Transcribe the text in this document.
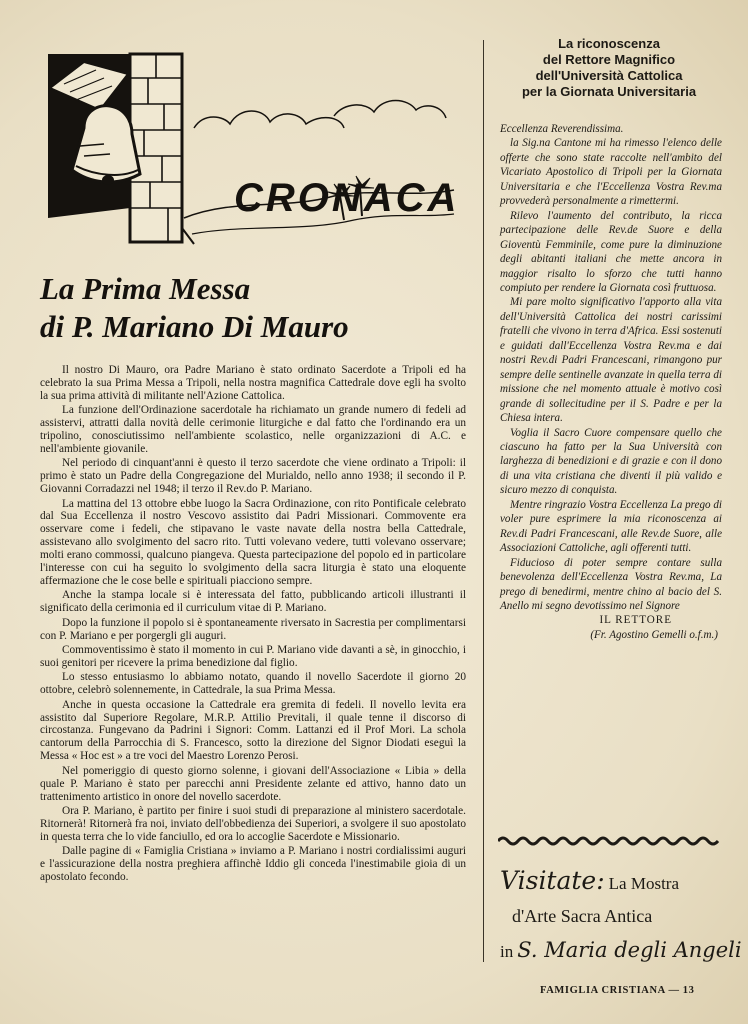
CRONACA
La Prima Messa
di P. Mariano Di Mauro

Il nostro Di Mauro, ora Padre Mariano è stato ordinato Sacerdote a Tripoli ed ha celebrato la sua Prima Messa a Tripoli, nella nostra magnifica Cattedrale dove egli ha svolto la sua prima attività di militante nell'Azione Cattolica.

La funzione dell'Ordinazione sacerdotale ha richiamato un grande numero di fedeli ad assistervi, attratti dalla novità delle cerimonie liturgiche e dal fatto che l'ordinando era un tripolino, conosciutissimo nell'ambiente scolastico, nelle organizzazioni di A.C. e nell'ambiente giovanile.

Nel periodo di cinquant'anni è questo il terzo sacerdote che viene ordinato a Tripoli: il primo è stato un Padre della Congregazione del Murialdo, nello anno 1938; il secondo il P. Giovanni Corradazzi nel 1948; il terzo il Rev.do P. Mariano.

La mattina del 13 ottobre ebbe luogo la Sacra Ordinazione, con rito Pontificale celebrato dal Sua Eccellenza il nostro Vescovo assistito dai Padri Missionari. Commovente era osservare come i fedeli, che stipavano le vaste navate della nostra bella Cattedrale, assistevano allo svolgimento del sacro rito. Tutti volevano vedere, tutti volevano osservare; molti erano commossi, qualcuno piangeva. Questa partecipazione del popolo ed in particolare l'interesse con cui ha seguito lo svolgimento della sacra liturgia è stato una eloquente affermazione che le cose belle e spirituali piacciono sempre.

Anche la stampa locale si è interessata del fatto, pubblicando articoli illustranti il significato della cerimonia ed il curriculum vitae di P. Mariano.

Dopo la funzione il popolo si è spontaneamente riversato in Sacrestia per complimentarsi con P. Mariano e per porgergli gli auguri.

Commoventissimo è stato il momento in cui P. Mariano vide davanti a sè, in ginocchio, i suoi genitori per ricevere la prima benedizione dal figlio.

Lo stesso entusiasmo lo abbiamo notato, quando il novello Sacerdote il giorno 20 ottobre, celebrò solennemente, in Cattedrale, la sua Prima Messa.

Anche in questa occasione la Cattedrale era gremita di fedeli. Il novello levita era assistito dal Superiore Regolare, M.R.P. Attilio Previtali, il quale tenne il discorso di circostanza. Fungevano da Padrini i Signori: Comm. Lattanzi ed il Prof Mori. La schola cantorum della Parrocchia di S. Francesco, sotto la direzione del Signor Diodati eseguì la Messa « Hoc est » a tre voci del Maestro Lorenzo Perosi.

Nel pomeriggio di questo giorno solenne, i giovani dell'Associazione « Libia » della quale P. Mariano è stato per parecchi anni Presidente zelante ed attivo, hanno dato un trattenimento artistico in onore del novello sacerdote.

Ora P. Mariano, è partito per finire i suoi studi di preparazione al ministero sacerdotale. Ritornerà! Ritornerà fra noi, inviato dell'obbedienza dei Superiori, a svolgere il suo apostolato in questa terra che lo vide fanciullo, ed ora lo accoglie Sacerdote e Missionario.

Dalle pagine di « Famiglia Cristiana » inviamo a P. Mariano i nostri cordialissimi auguri e l'assicurazione della nostra preghiera affinchè Iddio gli conceda l'inestimabile gioia di un apostolato fecondo.

La riconoscenza
del Rettore Magnifico
dell'Università Cattolica
per la Giornata Universitaria

Eccellenza Reverendissima.

la Sig.na Cantone mi ha rimesso l'elenco delle offerte che sono state raccolte nell'ambito del Vicariato Apostolico di Tripoli per la Giornata Universitaria e che l'Eccellenza Vostra Rev.ma provvederà personalmente a rimettermi.

Rilevo l'aumento del contributo, la ricca partecipazione delle Rev.de Suore e della Gioventù Femminile, come pure la diminuzione degli abitanti italiani che mette ancora in maggior risalto lo sforzo che tutti hanno compiuto per rendere la Giornata così fruttuosa.

Mi pare molto significativo l'apporto alla vita dell'Università Cattolica dei nostri carissimi fratelli che vivono in terra d'Africa. Essi sostenuti e guidati dall'Eccellenza Vostra Rev.ma e dai nostri Rev.di Padri Francescani, rimangono pur sempre delle sentinelle avanzate in quella terra di missione che nel momento attuale è motivo così grande di sollecitudine per il S. Padre e per la Chiesa intera.

Voglia il Sacro Cuore compensare quello che ciascuno ha fatto per la Sua Università con larghezza di benedizioni e di grazie e con il dono di una vita cristiana che diventi il più valido e sicuro mezzo di conquista.

Mentre ringrazio Vostra Eccellenza La prego di voler pure esprimere la mia riconoscenza ai Rev.di Padri Francescani, alle Rev.de Suore, alle Associazioni Cattoliche, agli offerenti tutti.

Fiducioso di poter sempre contare sulla benevolenza dell'Eccellenza Vostra Rev.ma, La prego di benedirmi, mentre chino al bacio del S. Anello mi segno devotissimo nel Signore

IL RETTORE

(Fr. Agostino Gemelli o.f.m.)

Visitate: La Mostra
d'Arte Sacra Antica
in S. Maria degli Angeli
FAMIGLIA CRISTIANA — 13
